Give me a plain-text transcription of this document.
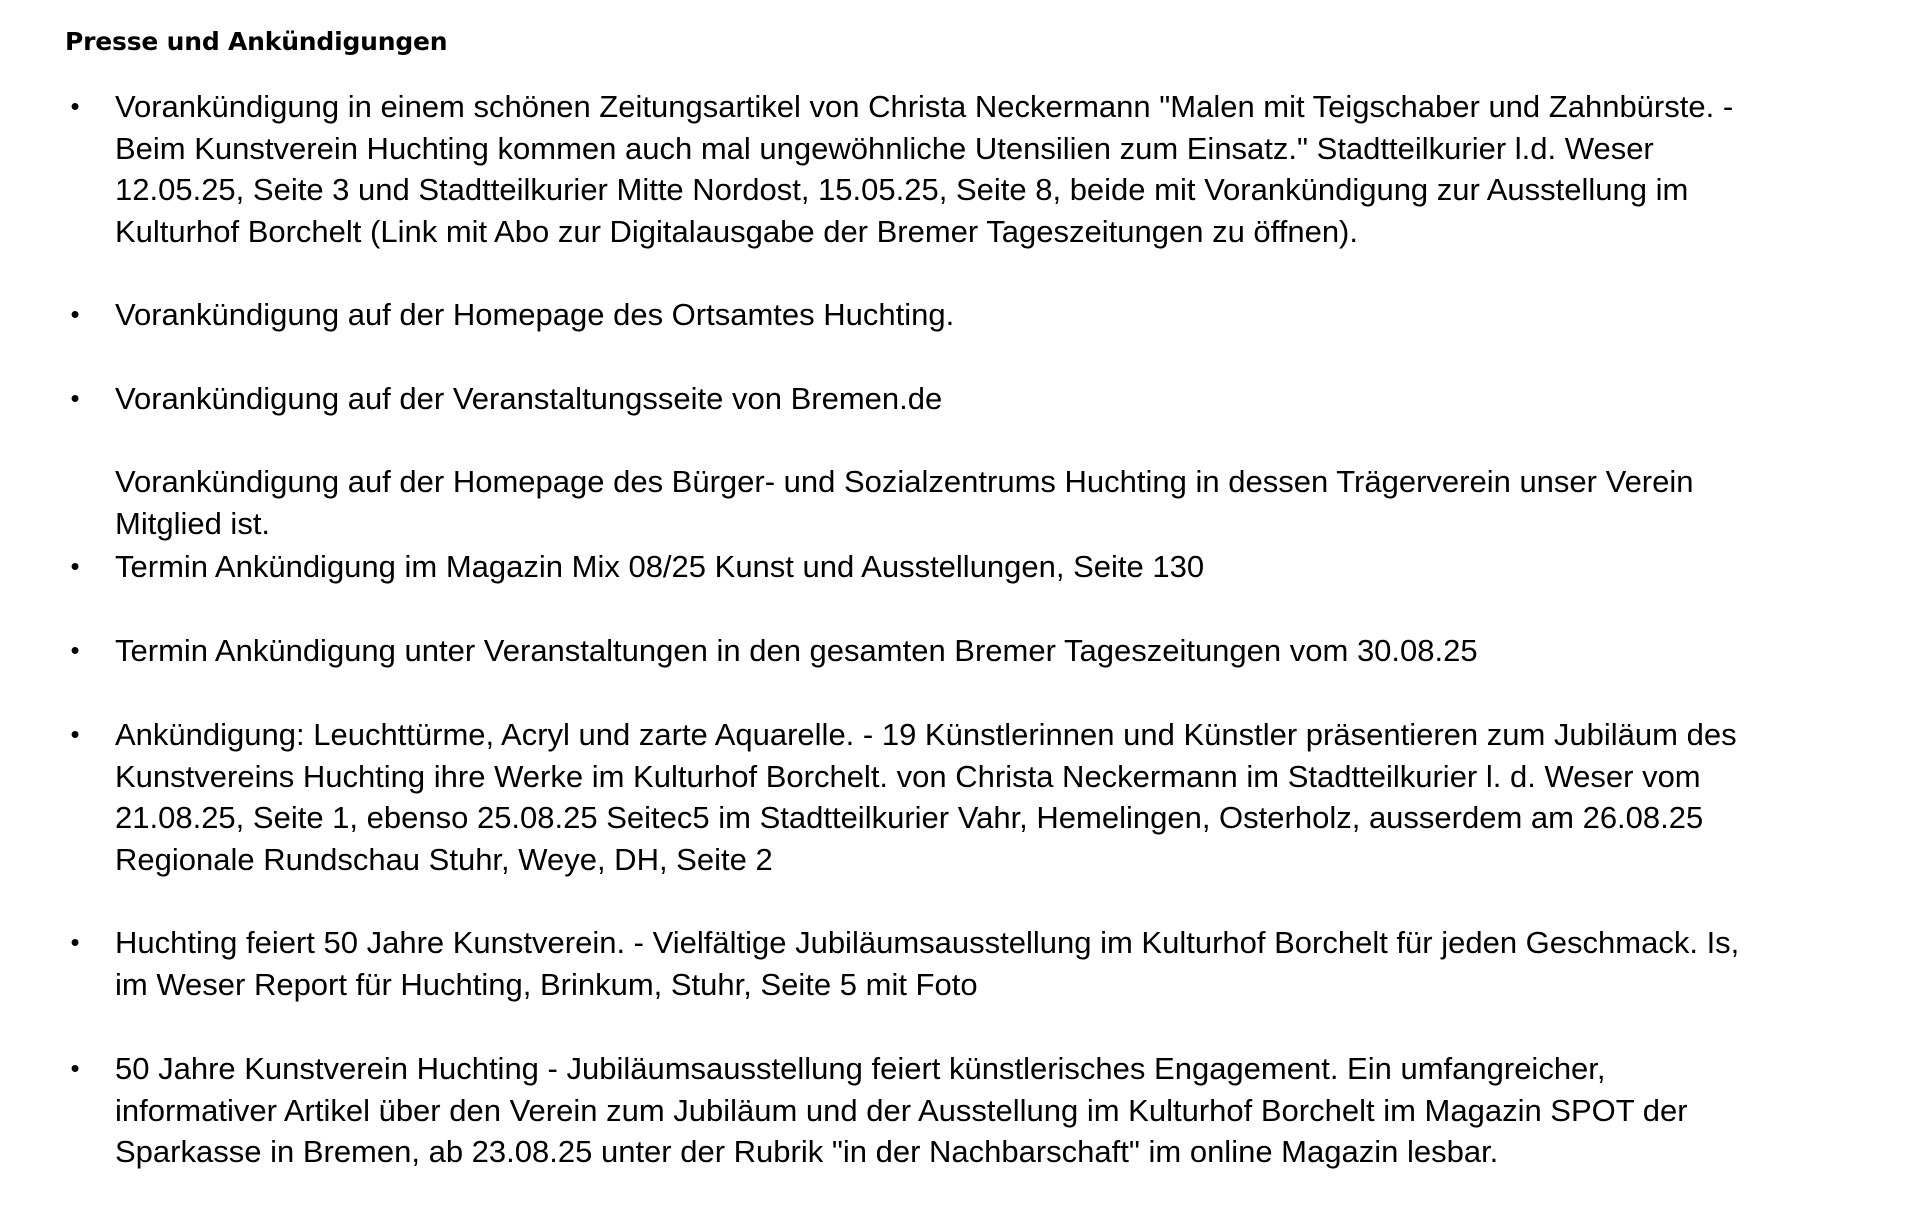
Presse und Ankündigungen
• Vorankündigung in einem schönen Zeitungsartikel von Christa Neckermann "Malen mit Teigschaber und Zahnbürste. -
Beim Kunstverein Huchting kommen auch mal ungewöhnliche Utensilien zum Einsatz." Stadtteilkurier l.d. Weser
12.05.25, Seite 3 und Stadtteilkurier Mitte Nordost, 15.05.25, Seite 8, beide mit Vorankündigung zur Ausstellung im
Kulturhof Borchelt (Link mit Abo zur Digitalausgabe der Bremer Tageszeitungen zu öffnen).
• Vorankündigung auf der Homepage des Ortsamtes Huchting.
• Vorankündigung auf der Veranstaltungsseite von Bremen.de
Vorankündigung auf der Homepage des Bürger- und Sozialzentrums Huchting in dessen Trägerverein unser Verein
Mitglied ist.
• Termin Ankündigung im Magazin Mix 08/25 Kunst und Ausstellungen, Seite 130
• Termin Ankündigung unter Veranstaltungen in den gesamten Bremer Tageszeitungen vom 30.08.25
• Ankündigung: Leuchttürme, Acryl und zarte Aquarelle. - 19 Künstlerinnen und Künstler präsentieren zum Jubiläum des
Kunstvereins Huchting ihre Werke im Kulturhof Borchelt. von Christa Neckermann im Stadtteilkurier l. d. Weser vom
21.08.25, Seite 1, ebenso 25.08.25 Seitec5 im Stadtteilkurier Vahr, Hemelingen, Osterholz, ausserdem am 26.08.25
Regionale Rundschau Stuhr, Weye, DH, Seite 2
• Huchting feiert 50 Jahre Kunstverein. - Vielfältige Jubiläumsausstellung im Kulturhof Borchelt für jeden Geschmack. Is,
im Weser Report für Huchting, Brinkum, Stuhr, Seite 5 mit Foto
• 50 Jahre Kunstverein Huchting - Jubiläumsausstellung feiert künstlerisches Engagement. Ein umfangreicher,
informativer Artikel über den Verein zum Jubiläum und der Ausstellung im Kulturhof Borchelt im Magazin SPOT der
Sparkasse in Bremen, ab 23.08.25 unter der Rubrik "in der Nachbarschaft" im online Magazin lesbar.
